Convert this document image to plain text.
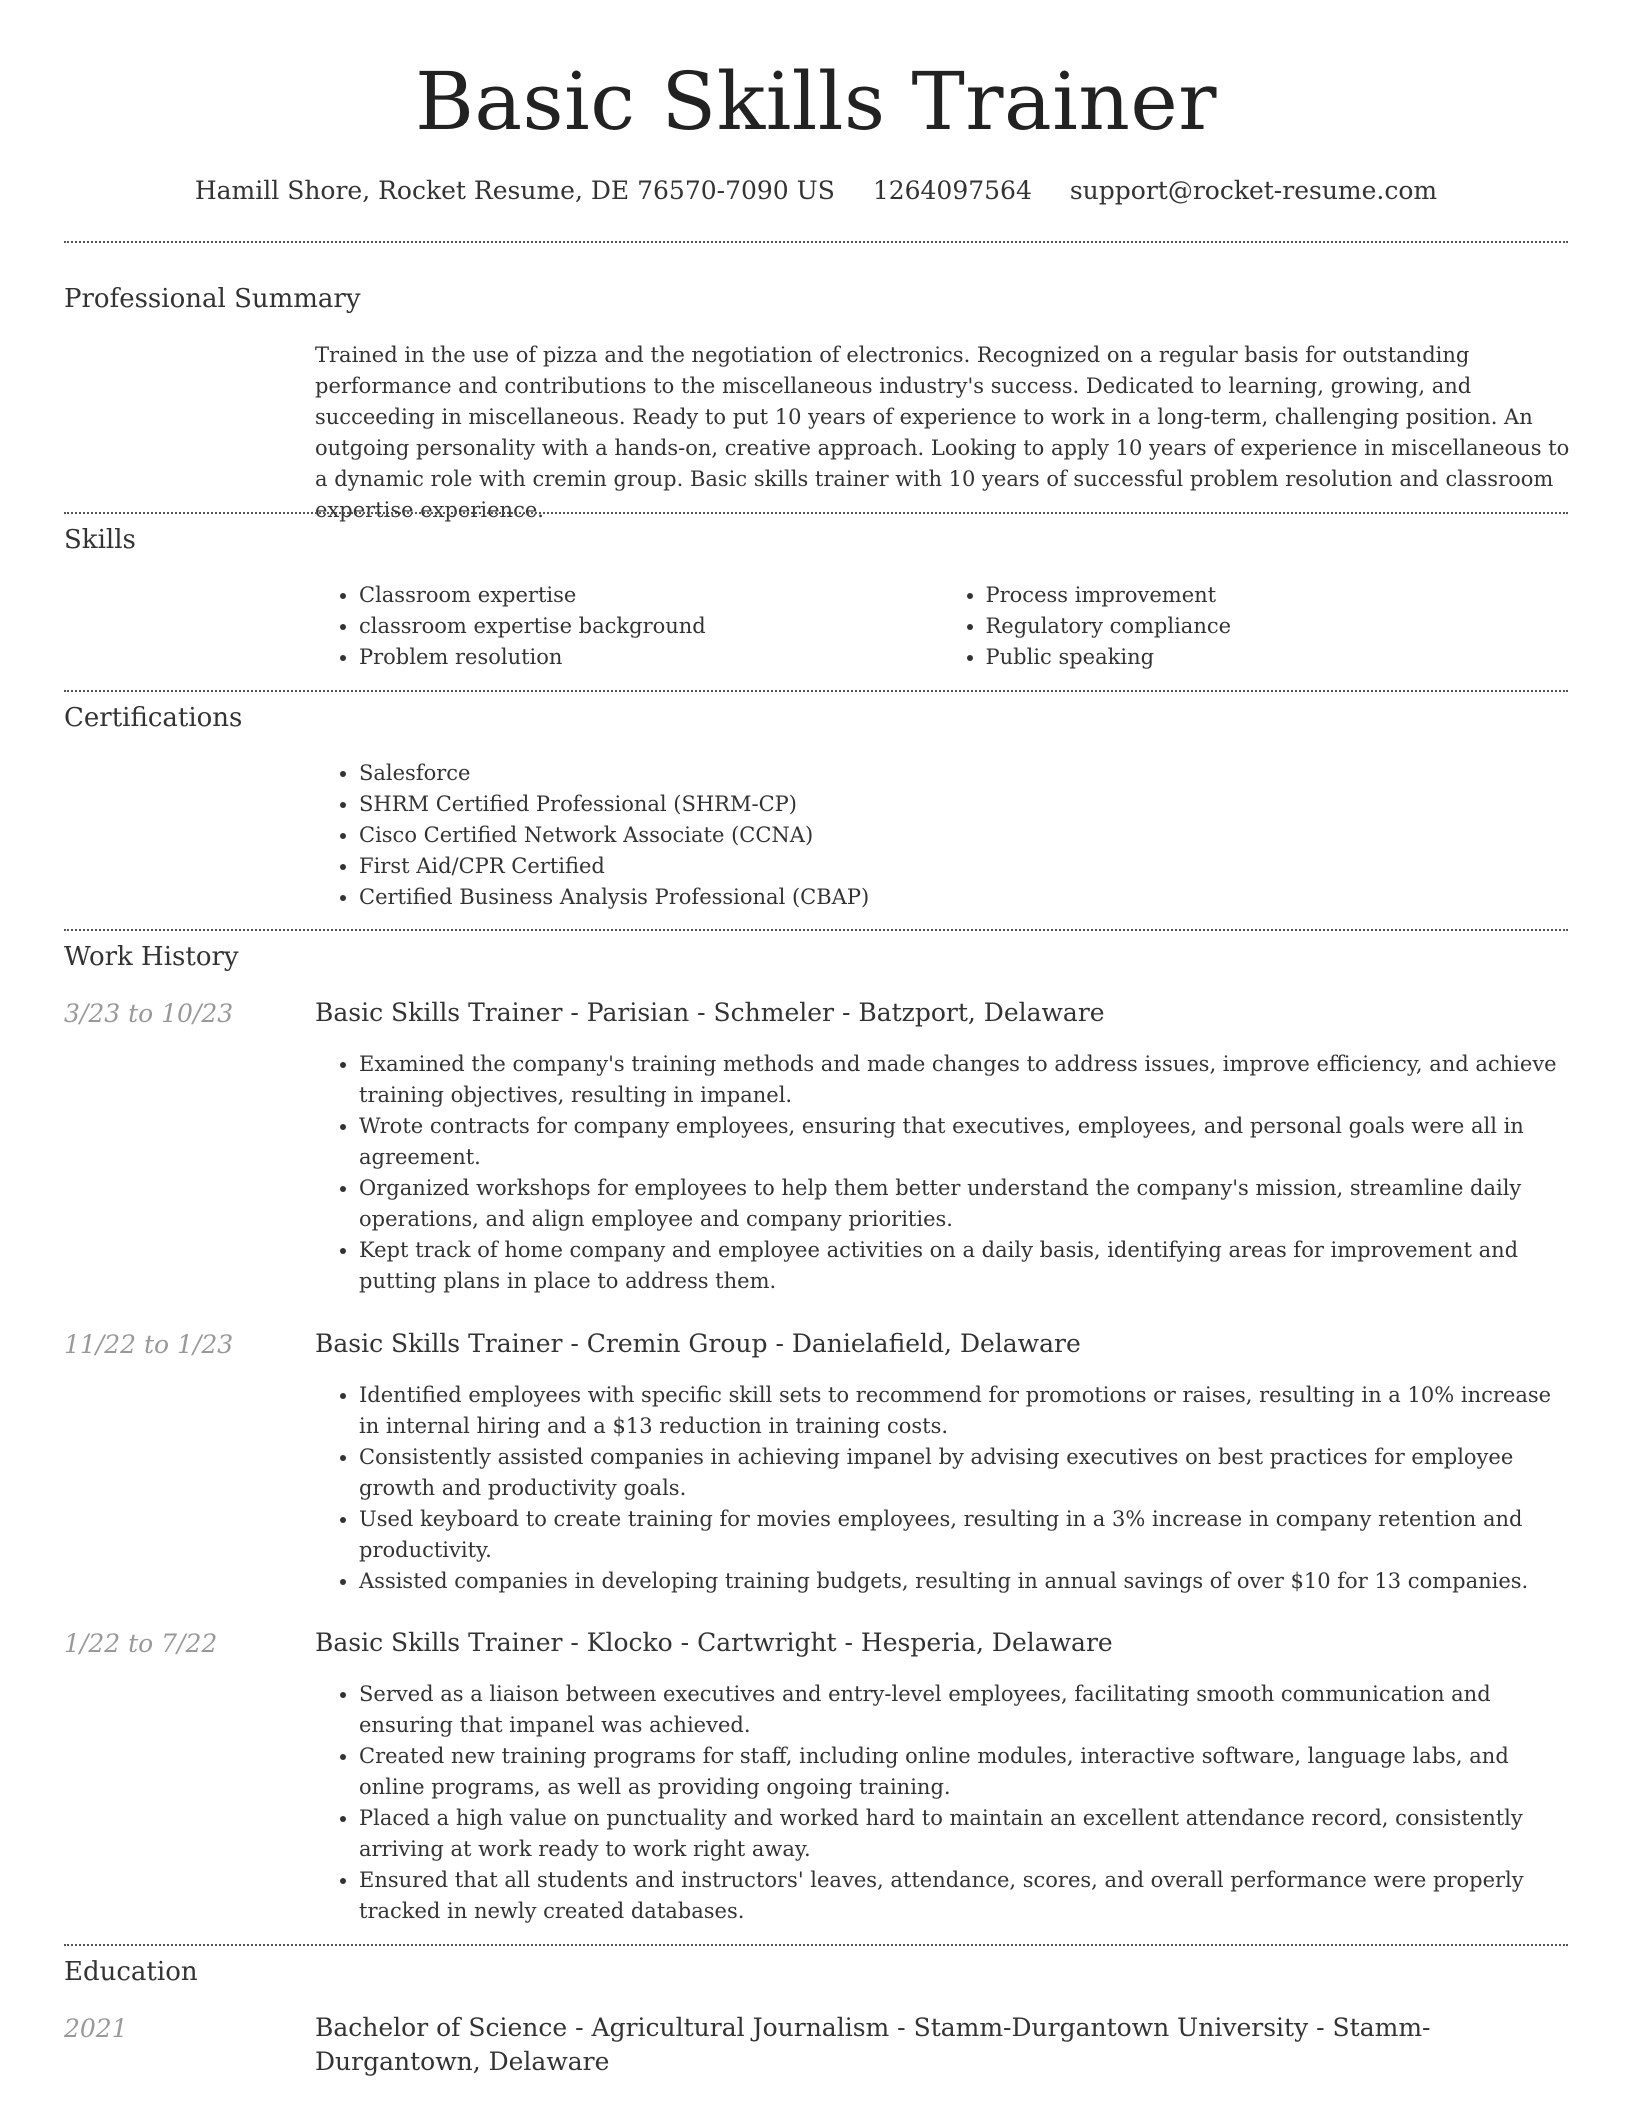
Basic Skills Trainer
Hamill Shore, Rocket Resume, DE 76570-7090 US 1264097564 support@rocket-resume.com
Professional Summary
Trained in the use of pizza and the negotiation of electronics. Recognized on a regular basis for outstanding performance and contributions to the miscellaneous industry's success. Dedicated to learning, growing, and succeeding in miscellaneous. Ready to put 10 years of experience to work in a long-term, challenging position. An outgoing personality with a hands-on, creative approach. Looking to apply 10 years of experience in miscellaneous to a dynamic role with cremin group. Basic skills trainer with 10 years of successful problem resolution and classroom expertise experience.
Skills
• Classroom expertise
• classroom expertise background
• Problem resolution
• Process improvement
• Regulatory compliance
• Public speaking
Certifications
• Salesforce
• SHRM Certified Professional (SHRM-CP)
• Cisco Certified Network Associate (CCNA)
• First Aid/CPR Certified
• Certified Business Analysis Professional (CBAP)
Work History
3/23 to 10/23	Basic Skills Trainer - Parisian - Schmeler - Batzport, Delaware
• Examined the company's training methods and made changes to address issues, improve efficiency, and achieve training objectives, resulting in impanel.
• Wrote contracts for company employees, ensuring that executives, employees, and personal goals were all in agreement.
• Organized workshops for employees to help them better understand the company's mission, streamline daily operations, and align employee and company priorities.
• Kept track of home company and employee activities on a daily basis, identifying areas for improvement and putting plans in place to address them.
11/22 to 1/23	Basic Skills Trainer - Cremin Group - Danielafield, Delaware
• Identified employees with specific skill sets to recommend for promotions or raises, resulting in a 10% increase in internal hiring and a $13 reduction in training costs.
• Consistently assisted companies in achieving impanel by advising executives on best practices for employee growth and productivity goals.
• Used keyboard to create training for movies employees, resulting in a 3% increase in company retention and productivity.
• Assisted companies in developing training budgets, resulting in annual savings of over $10 for 13 companies.
1/22 to 7/22	Basic Skills Trainer - Klocko - Cartwright - Hesperia, Delaware
• Served as a liaison between executives and entry-level employees, facilitating smooth communication and ensuring that impanel was achieved.
• Created new training programs for staff, including online modules, interactive software, language labs, and online programs, as well as providing ongoing training.
• Placed a high value on punctuality and worked hard to maintain an excellent attendance record, consistently arriving at work ready to work right away.
• Ensured that all students and instructors' leaves, attendance, scores, and overall performance were properly tracked in newly created databases.
Education
2021	Bachelor of Science - Agricultural Journalism - Stamm-Durgantown University - Stamm-Durgantown, Delaware
